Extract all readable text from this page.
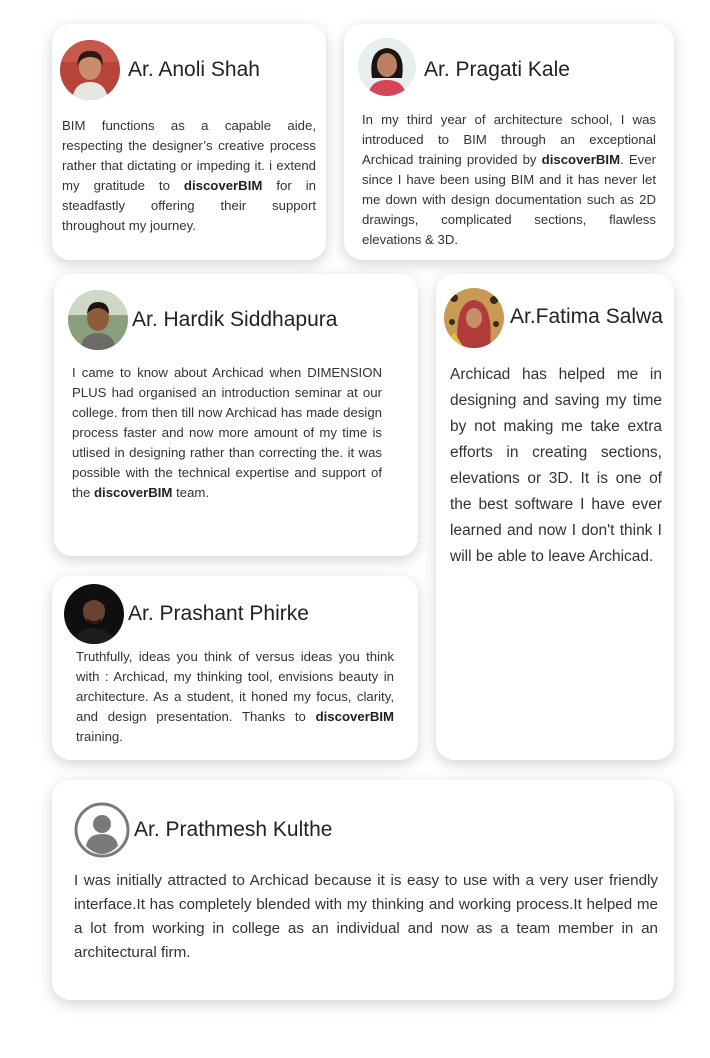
Ar. Anoli Shah

BIM functions as a capable aide, respecting the designer’s creative process rather that dictating or impeding it. i extend my gratitude to discoverBIM for in steadfastly offering their support throughout my journey.

Ar. Pragati Kale

In my third year of architecture school, I was introduced to BIM through an exceptional Archicad training provided by discoverBIM. Ever since I have been using BIM and it has never let me down with design documentation such as 2D drawings, complicated sections, flawless elevations & 3D.

Ar. Hardik Siddhapura

I came to know about Archicad when DIMENSION PLUS had organised an introduction seminar at our college. from then till now Archicad has made design process faster and now more amount of my time is utlised in designing rather than correcting the. it was possible with the technical expertise and support of the discoverBIM team.

Ar.Fatima Salwa

Archicad has helped me in designing and saving my time by not making me take extra efforts in creating sections, elevations or 3D. It is one of the best software I have ever learned and now I don't think I will be able to leave Archicad.

Ar. Prashant Phirke

Truthfully, ideas you think of versus ideas you think with : Archicad, my thinking tool, envisions beauty in architecture. As a student, it honed my focus, clarity, and design presentation. Thanks to discoverBIM training.

Ar. Prathmesh Kulthe

I was initially attracted to Archicad because it is easy to use with a very user friendly interface.It has completely blended with my thinking and working process.It helped me a lot from working in college as an individual and now as a team member in an architectural firm.
